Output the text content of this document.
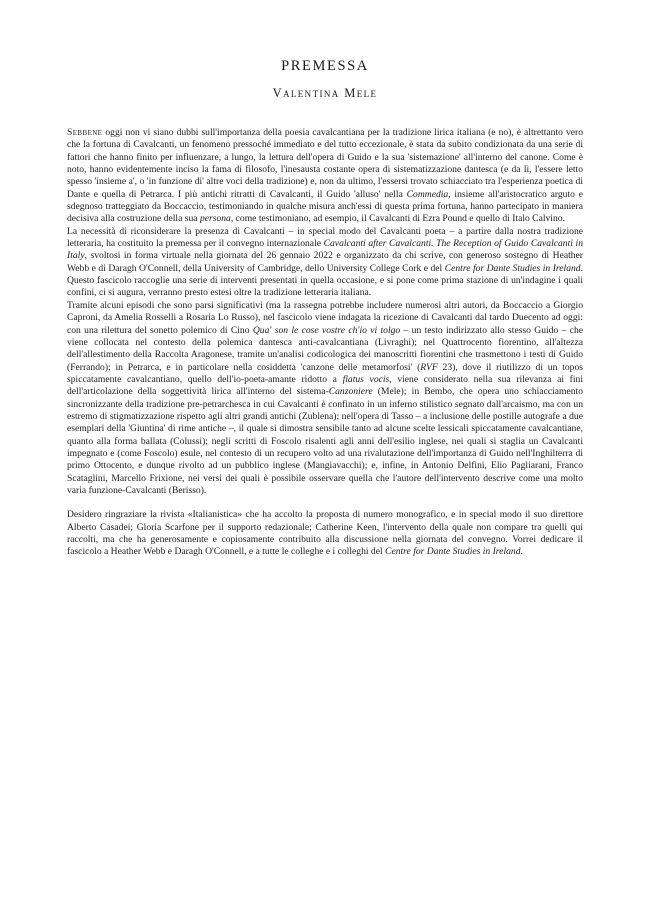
PREMESSA
Valentina Mele

Sebbene oggi non vi siano dubbi sull'importanza della poesia cavalcantiana per la tradizione lirica italiana (e no), è altrettanto vero che la fortuna di Cavalcanti, un fenomeno pressoché immediato e del tutto eccezionale, è stata da subito condizionata da una serie di fattori che hanno finito per influenzare, a lungo, la lettura dell'opera di Guido e la sua 'sistemazione' all'interno del canone. Come è noto, hanno evidentemente inciso la fama di filosofo, l'inesausta costante opera di sistematizzazione dantesca (e da lì, l'essere letto spesso 'insieme a', o 'in funzione di' altre voci della tradizione) e, non da ultimo, l'essersi trovato schiacciato tra l'esperienza poetica di Dante e quella di Petrarca. I più antichi ritratti di Cavalcanti, il Guido 'alluso' nella Commedia, insieme all'aristocratico arguto e sdegnoso tratteggiato da Boccaccio, testimoniando in qualche misura anch'essi di questa prima fortuna, hanno partecipato in maniera decisiva alla costruzione della sua persona, come testimoniano, ad esempio, il Cavalcanti di Ezra Pound e quello di Italo Calvino.

La necessità di riconsiderare la presenza di Cavalcanti – in special modo del Cavalcanti poeta – a partire dalla nostra tradizione letteraria, ha costituito la premessa per il convegno internazionale Cavalcanti after Cavalcanti. The Reception of Guido Cavalcanti in Italy, svoltosi in forma virtuale nella giornata del 26 gennaio 2022 e organizzato da chi scrive, con generoso sostegno di Heather Webb e di Daragh O'Connell, della University of Cambridge, dello University College Cork e del Centre for Dante Studies in Ireland. Questo fascicolo raccoglie una serie di interventi presentati in quella occasione, e si pone come prima stazione di un'indagine i quali confini, ci si augura, verranno presto estesi oltre la tradizione letteraria italiana.

Tramite alcuni episodi che sono parsi significativi (ma la rassegna potrebbe includere numerosi altri autori, da Boccaccio a Giorgio Caproni, da Amelia Rosselli a Rosaria Lo Russo), nel fascicolo viene indagata la ricezione di Cavalcanti dal tardo Duecento ad oggi: con una rilettura del sonetto polemico di Cino Qua' son le cose vostre ch'io vi tolgo – un testo indirizzato allo stesso Guido – che viene collocata nel contesto della polemica dantesca anti-cavalcantiana (Livraghi); nel Quattrocento fiorentino, all'altezza dell'allestimento della Raccolta Aragonese, tramite un'analisi codicologica dei manoscritti fiorentini che trasmettono i testi di Guido (Ferrando); in Petrarca, e in particolare nella cosiddetta 'canzone delle metamorfosi' (RVF 23), dove il riutilizzo di un topos spiccatamente cavalcantiano, quello dell'io-poeta-amante ridotto a flatus vocis, viene considerato nella sua rilevanza ai fini dell'articolazione della soggettività lirica all'interno del sistema-Canzoniere (Mele); in Bembo, che opera uno schiacciamento sincronizzante della tradizione pre-petrarchesca in cui Cavalcanti è confinato in un inferno stilistico segnato dall'arcaismo, ma con un estremo di stigmatizzazione rispetto agli altri grandi antichi (Zublena); nell'opera di Tasso – a inclusione delle postille autografe a due esemplari della 'Giuntina' di rime antiche –, il quale si dimostra sensibile tanto ad alcune scelte lessicali spiccatamente cavalcantiane, quanto alla forma ballata (Colussi); negli scritti di Foscolo risalenti agli anni dell'esilio inglese, nei quali si staglia un Cavalcanti impegnato e (come Foscolo) esule, nel contesto di un recupero volto ad una rivalutazione dell'importanza di Guido nell'Inghilterra di primo Ottocento, e dunque rivolto ad un pubblico inglese (Mangiavacchi); e, infine, in Antonio Delfini, Elio Pagliarani, Franco Scataglini, Marcello Frixione, nei versi dei quali è possibile osservare quella che l'autore dell'intervento descrive come una molto varia funzione-Cavalcanti (Berisso).

Desidero ringraziare la rivista «Italianistica» che ha accolto la proposta di numero monografico, e in special modo il suo direttore Alberto Casadei; Gloria Scarfone per il supporto redazionale; Catherine Keen, l'intervento della quale non compare tra quelli qui raccolti, ma che ha generosamente e copiosamente contribuito alla discussione nella giornata del convegno. Vorrei dedicare il fascicolo a Heather Webb e Daragh O'Connell, e a tutte le colleghe e i colleghi del Centre for Dante Studies in Ireland.
